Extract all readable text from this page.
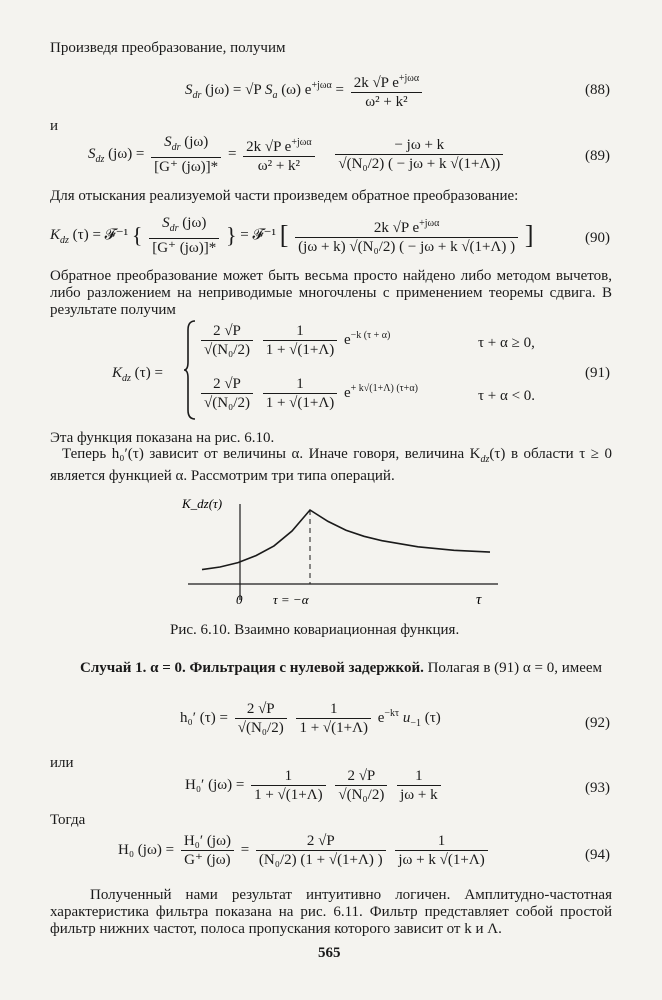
Произведя преобразование, получим
$S_{dr}$ (jω) = √P $S_a$ (ω) $e^{+j\omega\alpha} = \frac{2k √P e^{+j\omega\alpha}}{\text{ω² + k²}}$	(88)
и
$S_{dz}$ $(j\omega) = \frac{S_{dr} (j\omega)}{[G^+ (j\omega)]*} = \frac{2k √P e^{+j\omega\alpha}}{\text{ω² + k²}}$
$\frac{- j\omega + k}{\text{√(N₀/2) ( − jω + k √(1+Λ))}}$	(89)
Для отыскания реализуемой части произведем обратное преобразование:
$K_{dz}$ (τ) = 𝓕⁻¹ { $\frac{S_{dr} (j\omega)}{[G^+ (j\omega)]*}$ } = 𝓕⁻¹ [ $\frac{2k √P e^{+j\omega\alpha}}{\text{(jω + k) √(N₀/2) ( − jω + k √(1+Λ) )}}$ ]	(90)
Обратное преобразование может быть весьма просто найдено либо методом вычетов, либо разложением на неприводимые многочлены с применением теоремы сдвига. В результате получим
$K_{dz}$ (τ) =
$\frac{2 √P}{\text{√(N₀/2)}}$
$\frac{1}{1 + √(1+\Lambda)} e^{-k (\tau + \alpha)}$	τ + α ≥ 0,
$\frac{2 √P}{\text{√(N₀/2)}}$
$\frac{1}{1 + √(1+\Lambda)} e^{+ k√(1+\Lambda) (\tau+\alpha)}$	τ + α < 0.
(91)
Эта функция показана на рис. 6.10.
Теперь h₀′(τ) зависит от величины α. Иначе говоря, величина $K_{dz}(\tau)$ в области τ ≥ 0 является функцией α. Рассмотрим три типа операций.
K_dz(τ)
τ
0 τ = −α
Рис. 6.10. Взаимно ковариационная функция.
Случай 1. α = 0. Фильтрация с нулевой задержкой. Полагая в (91) α = 0, имеем
h₀′ $(\tau) = \frac{2 √P}{\text{√(N₀/2)}}$
$\frac{1}{1 + √(1+\Lambda)} e^{-k\tau}$ $u_{-1}$ (τ)	(92)
или
H₀′ $(j\omega) = \frac{1}{1 + √(1+\Lambda)}$
$\frac{2 √P}{\text{√(N₀/2)}}$
$\frac{1}{j\omega + k}$	(93)
Тогда
H₀ $(j\omega) = \frac{\text{H₀′ (jω)}}{G^+ (j\omega)} = \frac{2 √P}{\text{(N₀/2) (1 + √(1+Λ) )}}$
$\frac{1}{j\omega + k √(1+\Lambda)}$	(94)
Полученный нами результат интуитивно логичен. Амплитудно-частотная характеристика фильтра показана на рис. 6.11. Фильтр представляет собой простой фильтр нижних частот, полоса пропускания которого зависит от k и Λ.
565
